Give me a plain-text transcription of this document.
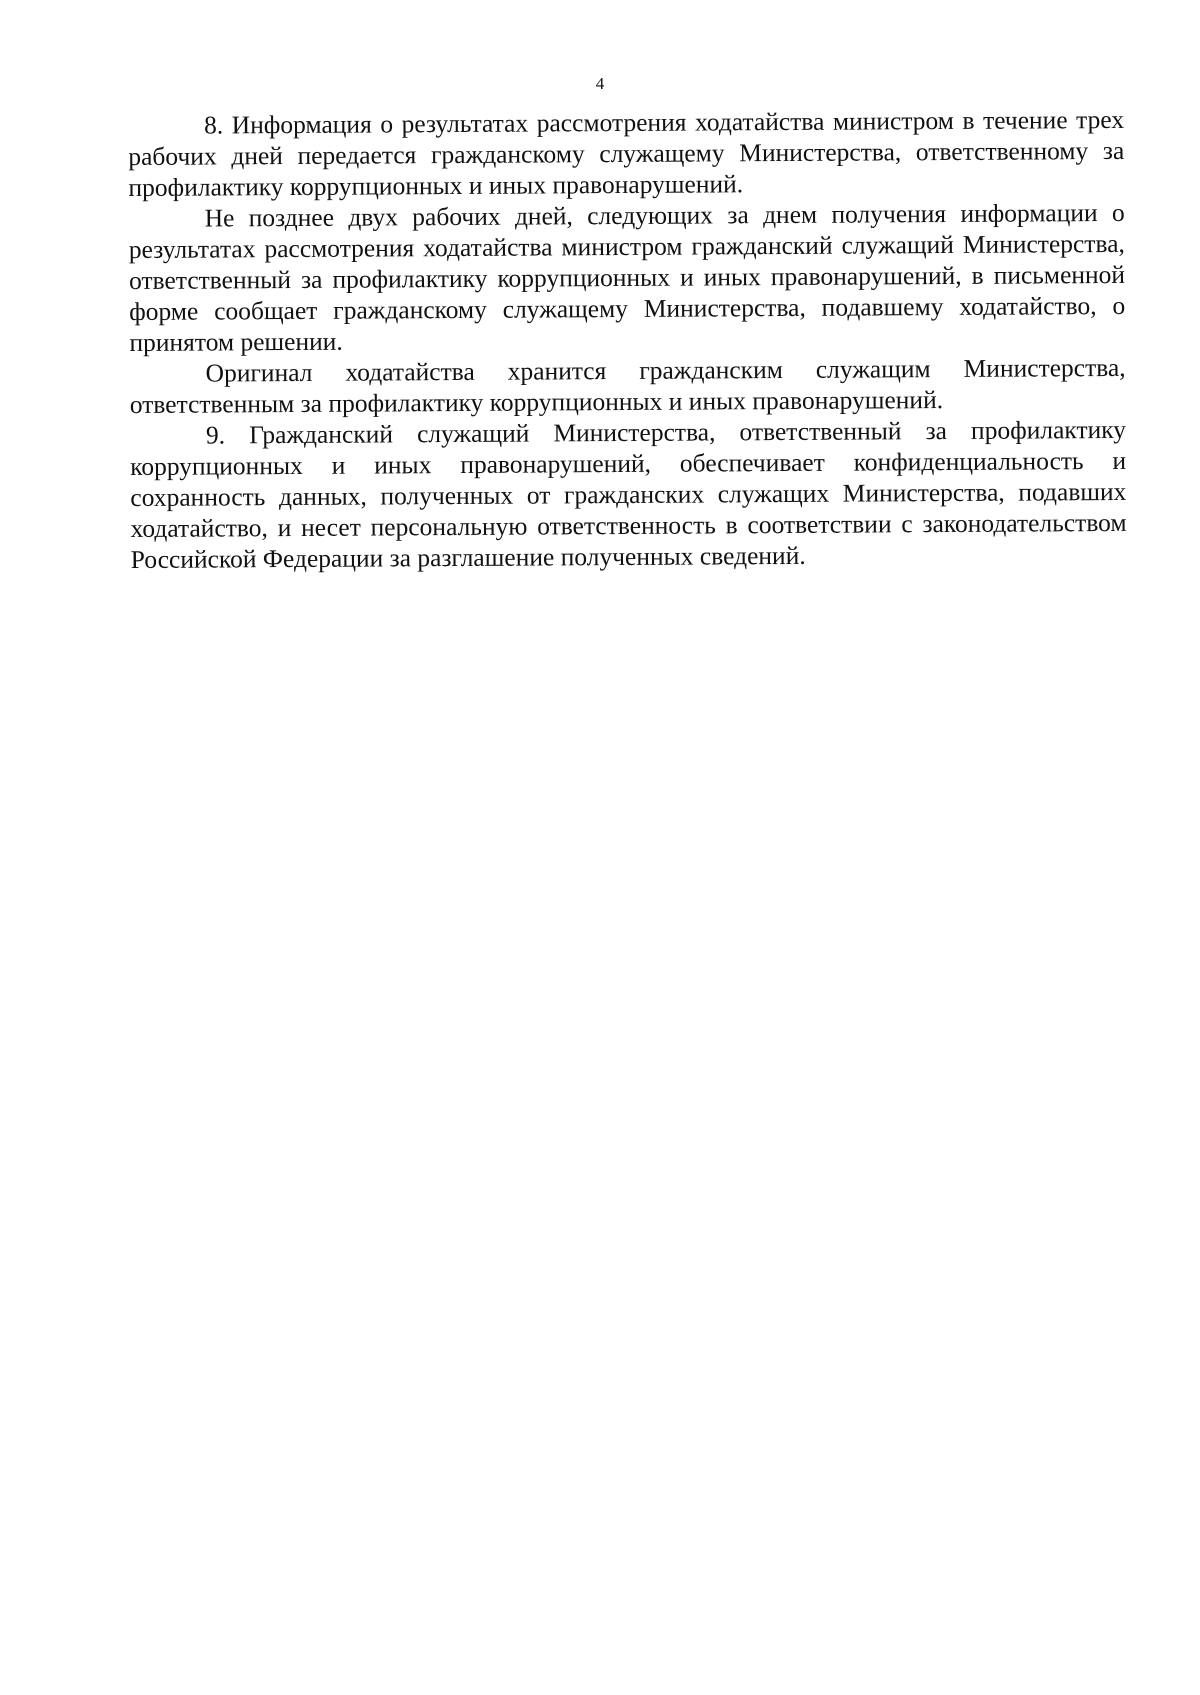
4

8. Информация о результатах рассмотрения ходатайства министром в течение трех рабочих дней передается гражданскому служащему Министерства, ответственному за профилактику коррупционных и иных правонарушений.

Не позднее двух рабочих дней, следующих за днем получения информации о результатах рассмотрения ходатайства министром гражданский служащий Министерства, ответственный за профилактику коррупционных и иных правонарушений, в письменной форме сообщает гражданскому служащему Министерства, подавшему ходатайство, о принятом решении.

Оригинал ходатайства хранится гражданским служащим Министерства, ответственным за профилактику коррупционных и иных правонарушений.

9. Гражданский служащий Министерства, ответственный за профилактику коррупционных и иных правонарушений, обеспечивает конфиденциальность и сохранность данных, полученных от гражданских служащих Министерства, подавших ходатайство, и несет персональную ответственность в соответствии с законодательством Российской Федерации за разглашение полученных сведений.
